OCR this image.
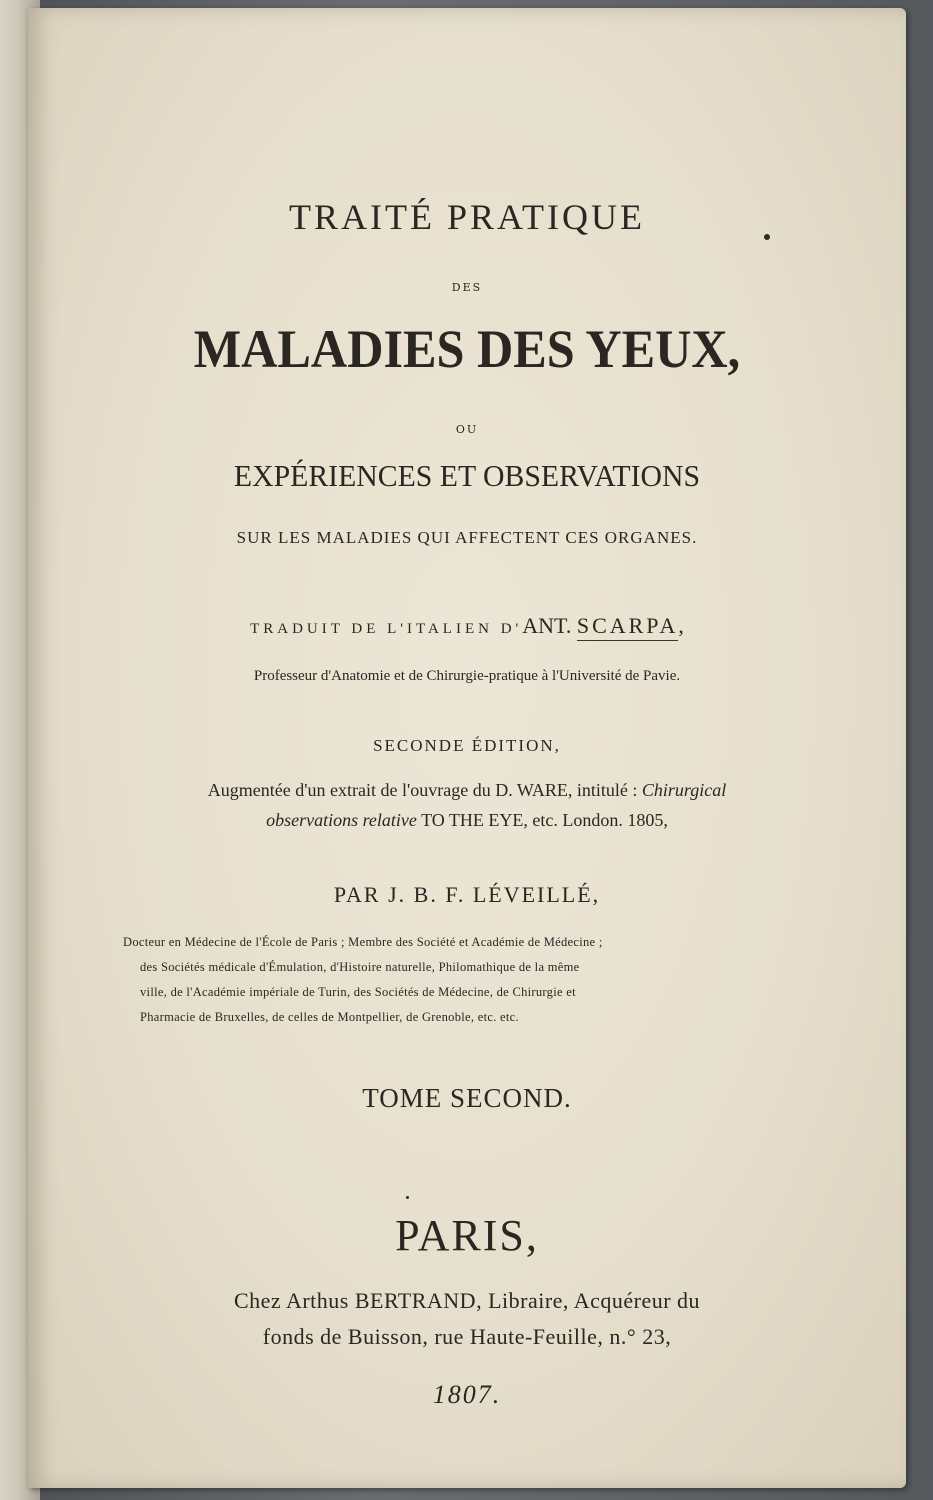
TRAITÉ PRATIQUE
DES
MALADIES DES YEUX,
OU
EXPÉRIENCES ET OBSERVATIONS
SUR LES MALADIES QUI AFFECTENT CES ORGANES.
TRADUIT DE L'ITALIEN D'ANT. SCARPA,
Professeur d'Anatomie et de Chirurgie-pratique à l'Université de Pavie.
SECONDE ÉDITION,
Augmentée d'un extrait de l'ouvrage du D. WARE, intitulé : Chirurgical
observations relative TO THE EYE, etc. London. 1805,
PAR J. B. F. LÉVEILLÉ,
Docteur en Médecine de l'École de Paris ; Membre des Société et Académie de Médecine ;
des Sociétés médicale d'Émulation, d'Histoire naturelle, Philomathique de la même
ville, de l'Académie impériale de Turin, des Sociétés de Médecine, de Chirurgie et
Pharmacie de Bruxelles, de celles de Montpellier, de Grenoble, etc. etc.
TOME SECOND.
PARIS,
Chez Arthus BERTRAND, Libraire, Acquéreur du
fonds de Buisson, rue Haute-Feuille, n.° 23,
1807.
